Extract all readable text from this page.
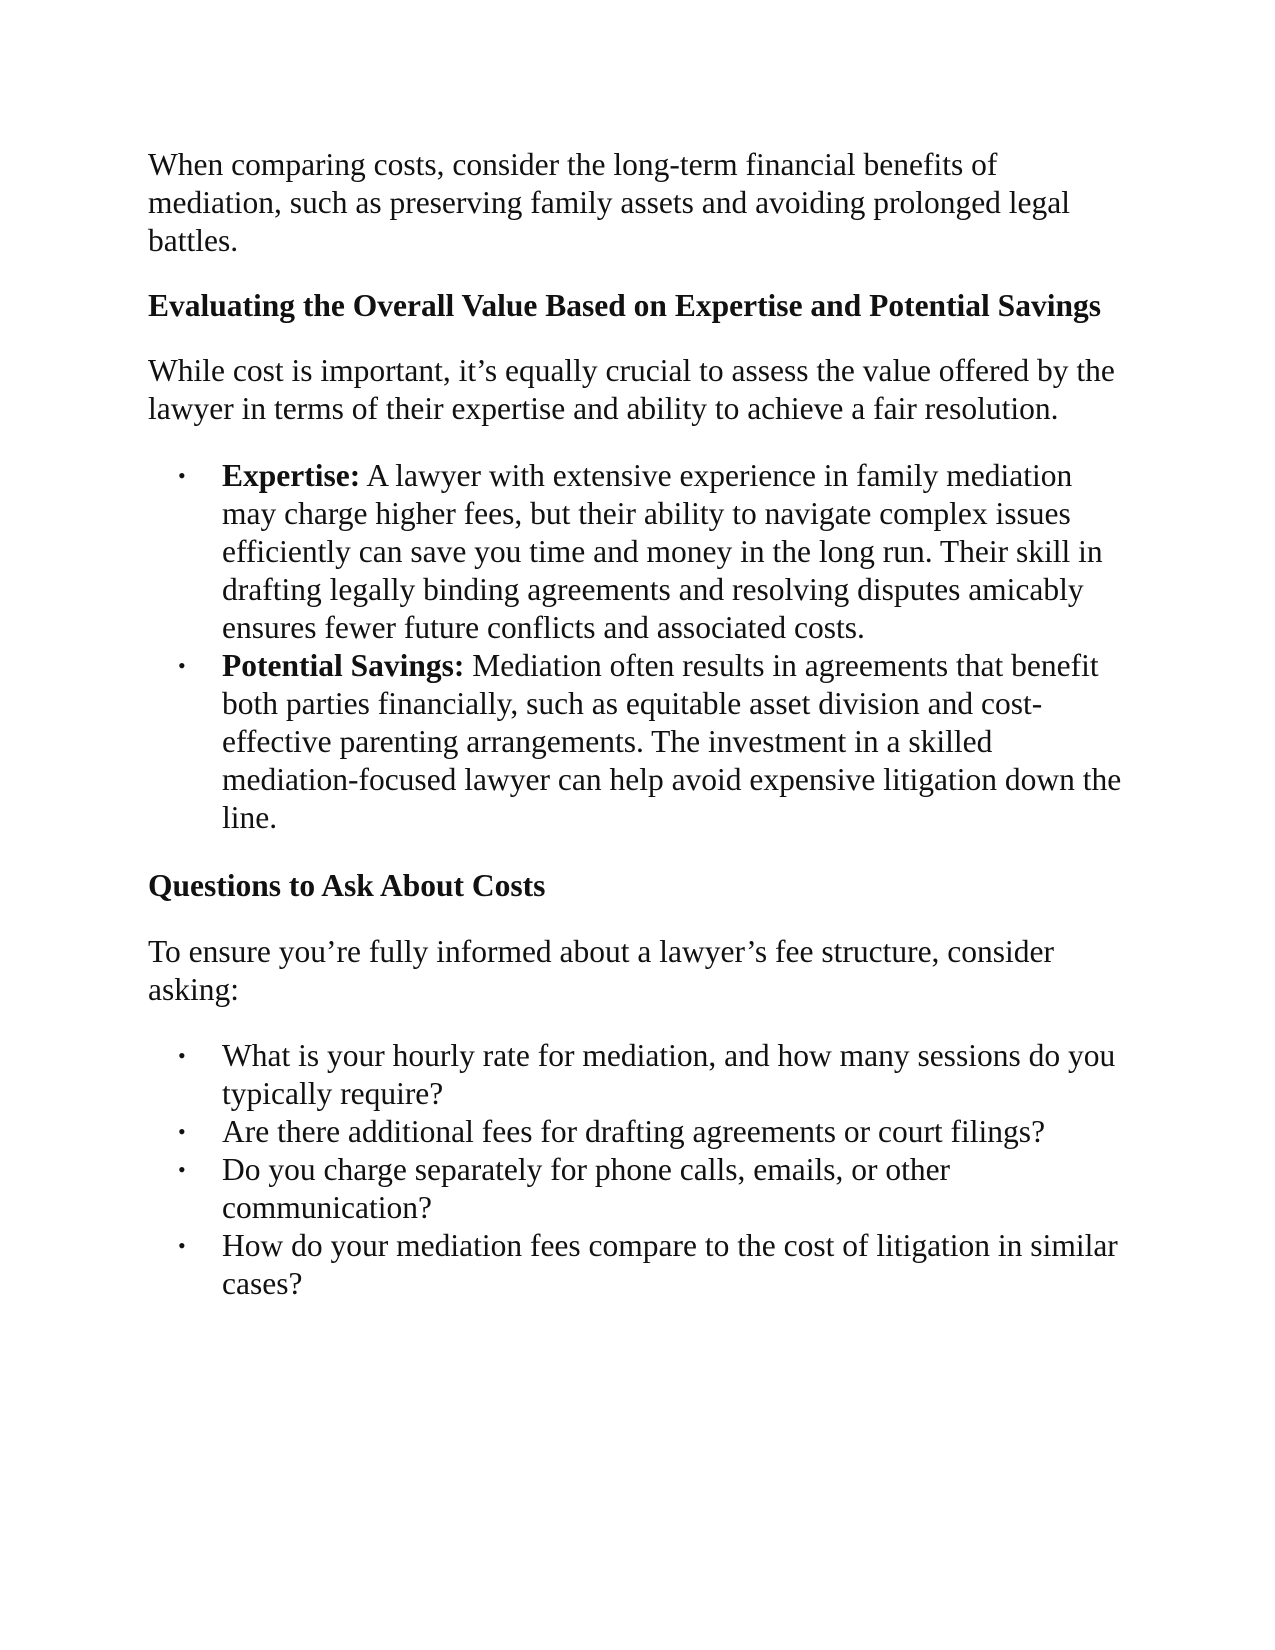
When comparing costs, consider the long-term financial benefits of mediation, such as preserving family assets and avoiding prolonged legal battles.

Evaluating the Overall Value Based on Expertise and Potential Savings

While cost is important, it’s equally crucial to assess the value offered by the lawyer in terms of their expertise and ability to achieve a fair resolution.

• Expertise: A lawyer with extensive experience in family mediation may charge higher fees, but their ability to navigate complex issues efficiently can save you time and money in the long run. Their skill in drafting legally binding agreements and resolving disputes amicably ensures fewer future conflicts and associated costs.
• Potential Savings: Mediation often results in agreements that benefit both parties financially, such as equitable asset division and cost-effective parenting arrangements. The investment in a skilled mediation-focused lawyer can help avoid expensive litigation down the line.
Questions to Ask About Costs

To ensure you’re fully informed about a lawyer’s fee structure, consider asking:

• What is your hourly rate for mediation, and how many sessions do you typically require?
• Are there additional fees for drafting agreements or court filings?
• Do you charge separately for phone calls, emails, or other communication?
• How do your mediation fees compare to the cost of litigation in similar cases?
